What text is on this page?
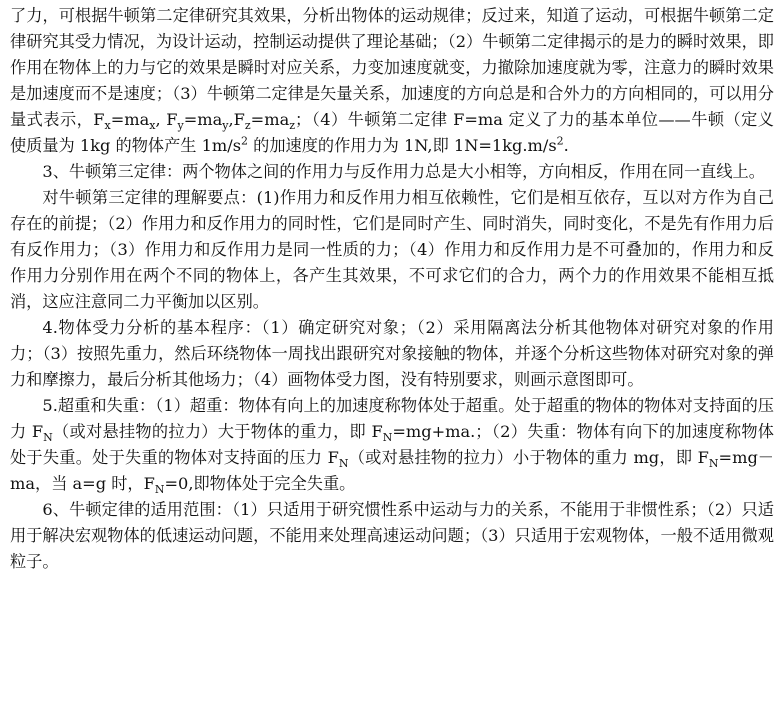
了力，可根据牛顿第二定律研究其效果，分析出物体的运动规律；反过来，知道了运动，可根据牛顿第二定律研究其受力情况，为设计运动，控制运动提供了理论基础；（2）牛顿第二定律揭示的是力的瞬时效果，即作用在物体上的力与它的效果是瞬时对应关系，力变加速度就变，力撤除加速度就为零，注意力的瞬时效果是加速度而不是速度；（3）牛顿第二定律是矢量关系，加速度的方向总是和合外力的方向相同的，可以用分量式表示，$F_x=ma_x$, $F_y=ma_y,F_z=ma_z$；（4）牛顿第二定律 F=ma 定义了力的基本单位——牛顿（定义使质量为 1kg 的物体产生 $1m/s^2$ 的加速度的作用力为 1N,即 $1N=1kg.m/s^2$.

3、牛顿第三定律：两个物体之间的作用力与反作用力总是大小相等，方向相反，作用在同一直线上。

对牛顿第三定律的理解要点：(1)作用力和反作用力相互依赖性，它们是相互依存，互以对方作为自己存在的前提；（2）作用力和反作用力的同时性，它们是同时产生、同时消失，同时变化，不是先有作用力后有反作用力；（3）作用力和反作用力是同一性质的力；（4）作用力和反作用力是不可叠加的，作用力和反作用力分别作用在两个不同的物体上，各产生其效果，不可求它们的合力，两个力的作用效果不能相互抵消，这应注意同二力平衡加以区别。

4.物体受力分析的基本程序：（1）确定研究对象；（2）采用隔离法分析其他物体对研究对象的作用力；（3）按照先重力，然后环绕物体一周找出跟研究对象接触的物体，并逐个分析这些物体对研究对象的弹力和摩擦力，最后分析其他场力；（4）画物体受力图，没有特别要求，则画示意图即可。

5.超重和失重：（1）超重：物体有向上的加速度称物体处于超重。处于超重的物体的物体对支持面的压力 $F_N$（或对悬挂物的拉力）大于物体的重力，即 $F_N=mg+ma$.；（2）失重：物体有向下的加速度称物体处于失重。处于失重的物体对支持面的压力 $F_N$（或对悬挂物的拉力）小于物体的重力 mg，即 $F_N=mg-ma$，当 a=g 时，$F_N=0$,即物体处于完全失重。

6、牛顿定律的适用范围：（1）只适用于研究惯性系中运动与力的关系，不能用于非惯性系；（2）只适用于解决宏观物体的低速运动问题，不能用来处理高速运动问题；（3）只适用于宏观物体，一般不适用微观粒子。
